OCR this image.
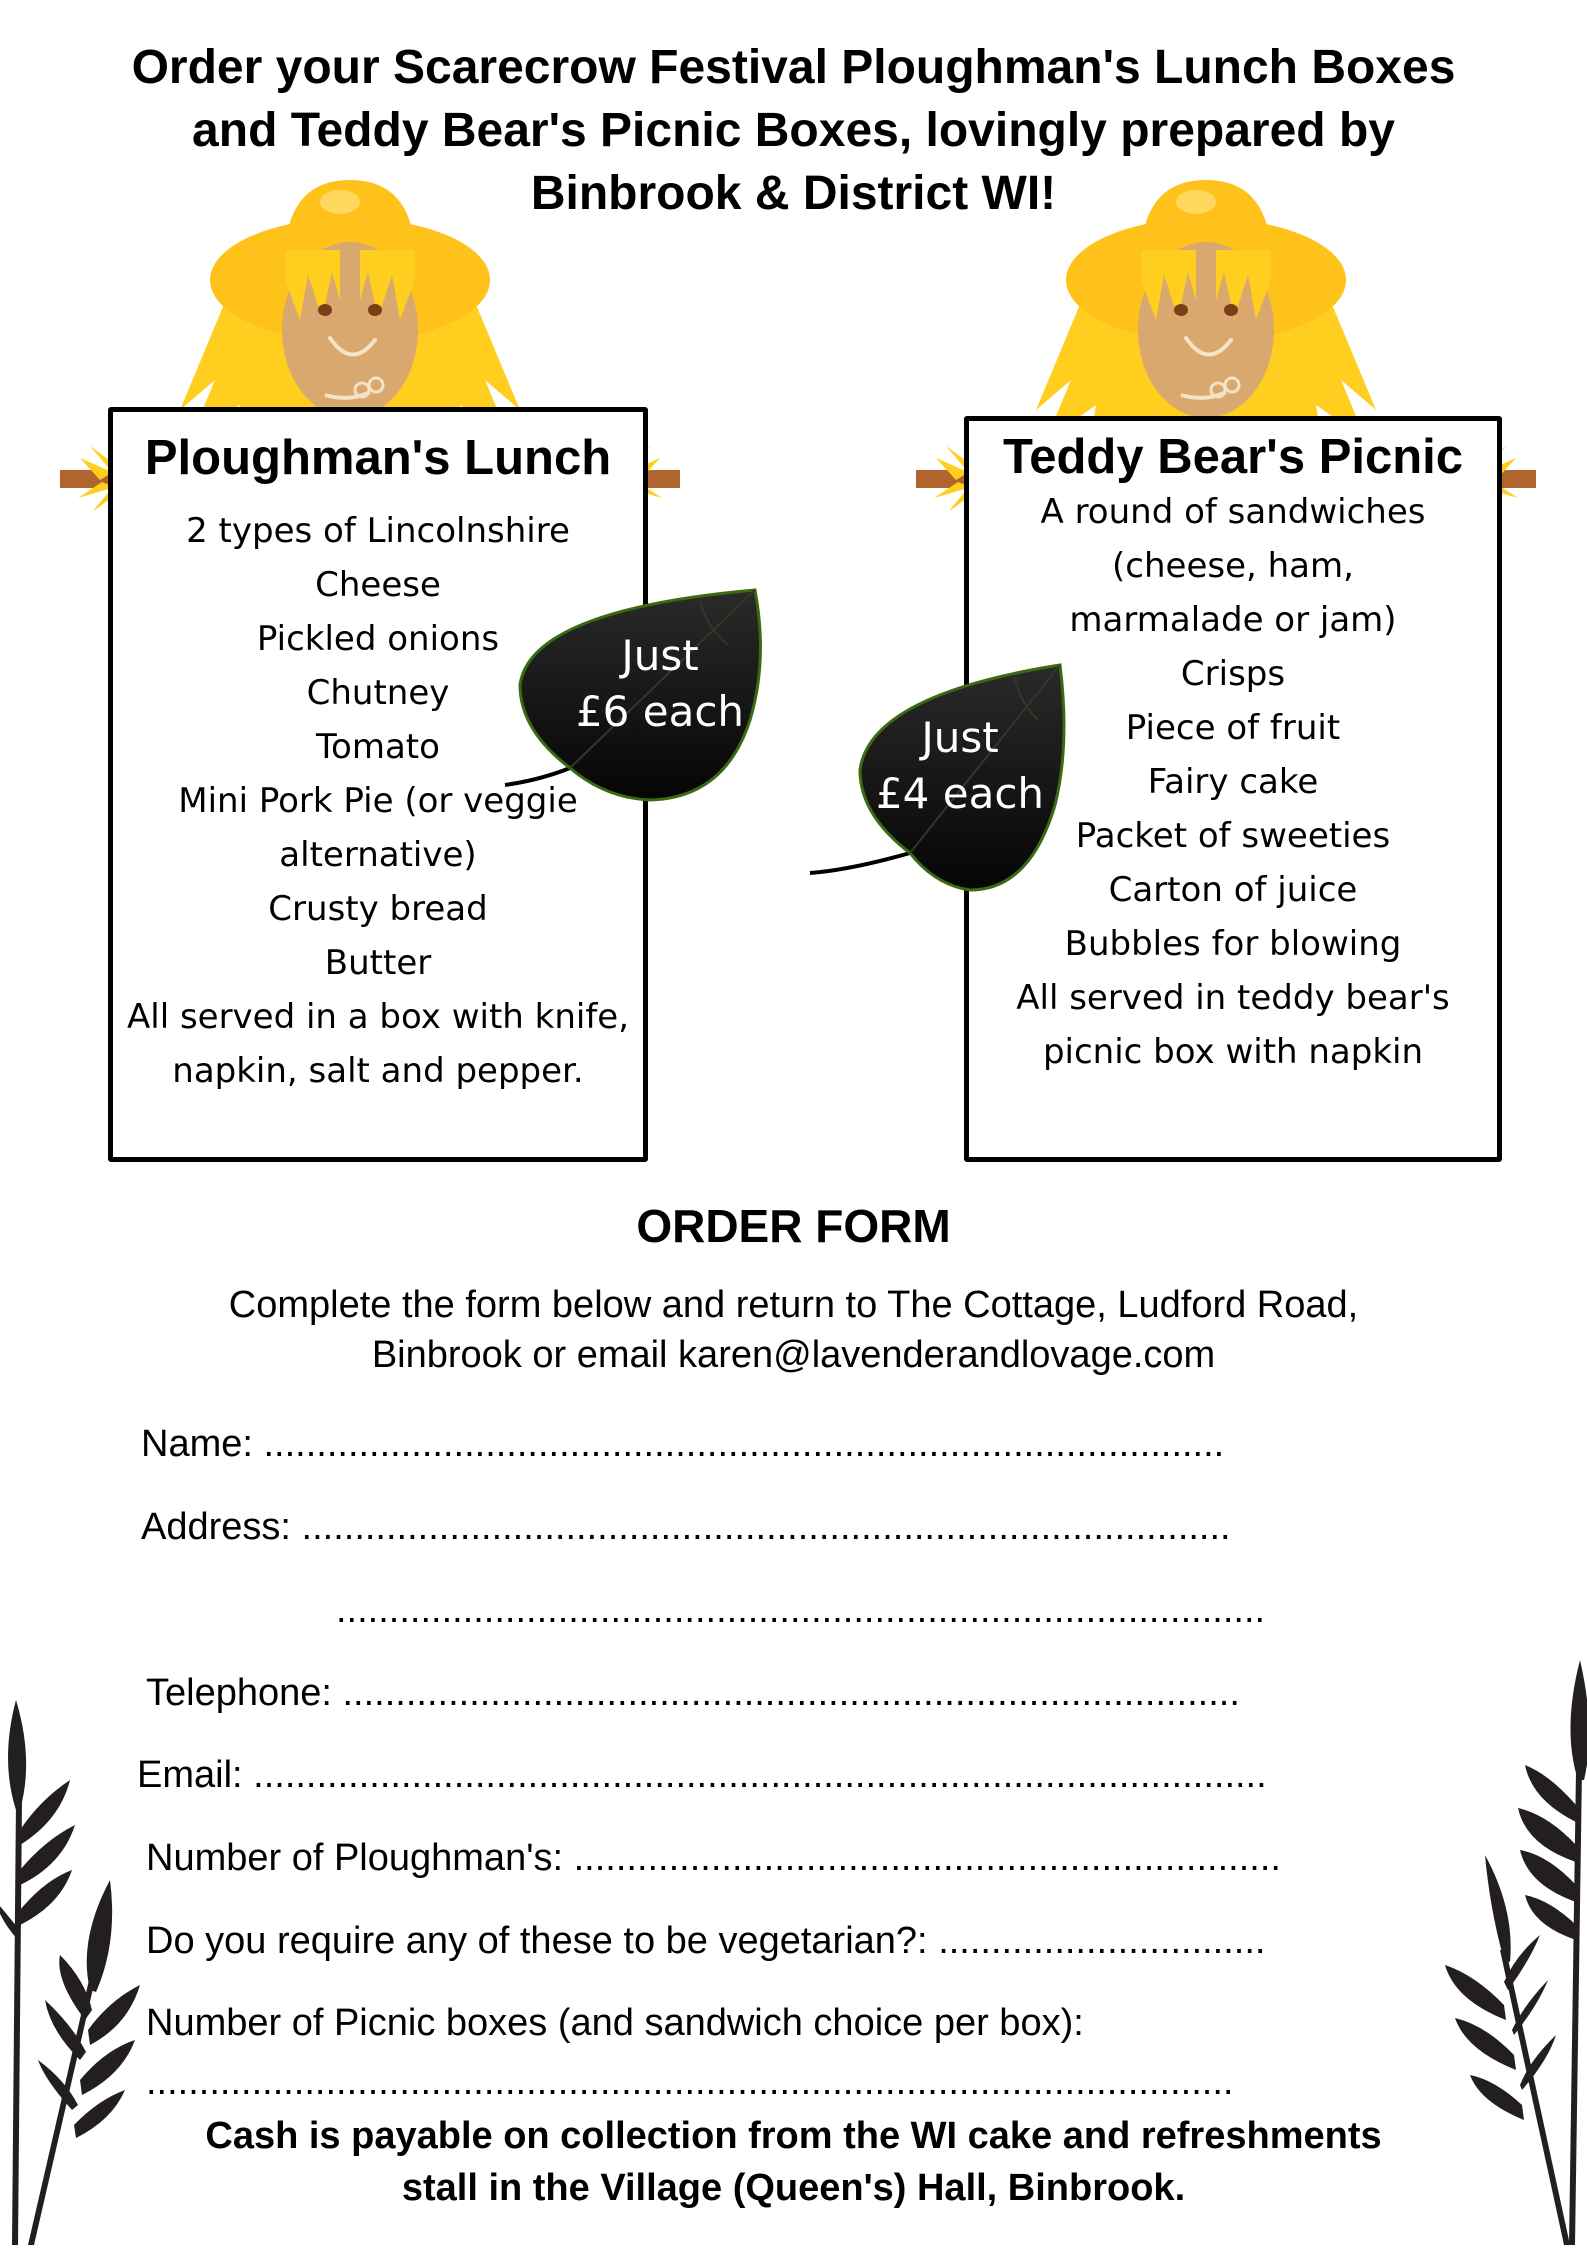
Order your Scarecrow Festival Ploughman's Lunch Boxes
and Teddy Bear's Picnic Boxes, lovingly prepared by
Binbrook & District WI!
Ploughman's Lunch
2 types of Lincolnshire
Cheese
Pickled onions
Chutney
Tomato
Mini Pork Pie (or veggie
alternative)
Crusty bread
Butter
All served in a box with knife,
napkin, salt and pepper.
Teddy Bear's Picnic
A round of sandwiches
(cheese, ham,
marmalade or jam)
Crisps
Piece of fruit
Fairy cake
Packet of sweeties
Carton of juice
Bubbles for blowing
All served in teddy bear's
picnic box with napkin
Just
£6 each
Just
£4 each
ORDER FORM
Complete the form below and return to The Cottage, Ludford Road,
Binbrook or email karen@lavenderandlovage.com
Name: ...........................................................................................
Address: ........................................................................................
........................................................................................
Telephone: .....................................................................................
Email: ................................................................................................
Number of Ploughman's: ...................................................................
Do you require any of these to be vegetarian?: ...............................
Number of Picnic boxes (and sandwich choice per box):
.......................................................................................................
Cash is payable on collection from the WI cake and refreshments
stall in the Village (Queen's) Hall, Binbrook.
